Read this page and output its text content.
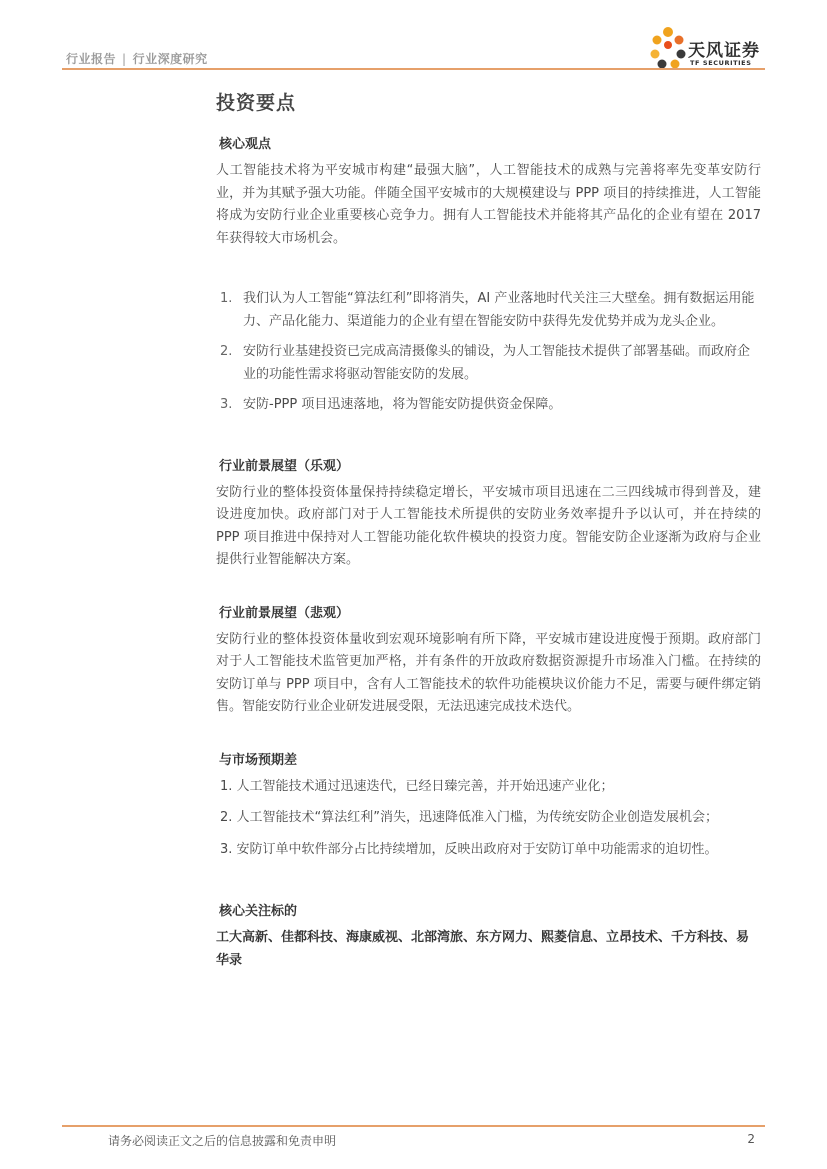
行业报告 | 行业深度研究	天风证券
TF SECURITIES
投资要点
核心观点

人工智能技术将为平安城市构建“最强大脑”，人工智能技术的成熟与完善将率先变革安防行业，并为其赋予强大功能。伴随全国平安城市的大规模建设与 PPP 项目的持续推进，人工智能将成为安防行业企业重要核心竞争力。拥有人工智能技术并能将其产品化的企业有望在 2017 年获得较大市场机会。

1. 我们认为人工智能“算法红利”即将消失，AI 产业落地时代关注三大壁垒。拥有数据运用能力、产品化能力、渠道能力的企业有望在智能安防中获得先发优势并成为龙头企业。
2. 安防行业基建投资已完成高清摄像头的铺设，为人工智能技术提供了部署基础。而政府企业的功能性需求将驱动智能安防的发展。
3. 安防-PPP 项目迅速落地，将为智能安防提供资金保障。
行业前景展望（乐观）

安防行业的整体投资体量保持持续稳定增长，平安城市项目迅速在二三四线城市得到普及，建设进度加快。政府部门对于人工智能技术所提供的安防业务效率提升予以认可，并在持续的 PPP 项目推进中保持对人工智能功能化软件模块的投资力度。智能安防企业逐渐为政府与企业提供行业智能解决方案。

行业前景展望（悲观）

安防行业的整体投资体量收到宏观环境影响有所下降，平安城市建设进度慢于预期。政府部门对于人工智能技术监管更加严格，并有条件的开放政府数据资源提升市场准入门槛。在持续的安防订单与 PPP 项目中，含有人工智能技术的软件功能模块议价能力不足，需要与硬件绑定销售。智能安防行业企业研发进展受限，无法迅速完成技术迭代。

与市场预期差
1. 人工智能技术通过迅速迭代，已经日臻完善，并开始迅速产业化；
2. 人工智能技术“算法红利”消失，迅速降低准入门槛，为传统安防企业创造发展机会；
3. 安防订单中软件部分占比持续增加，反映出政府对于安防订单中功能需求的迫切性。
核心关注标的

工大高新、佳都科技、海康威视、北部湾旅、东方网力、熙菱信息、立昂技术、千方科技、易华录

请务必阅读正文之后的信息披露和免责申明	2
